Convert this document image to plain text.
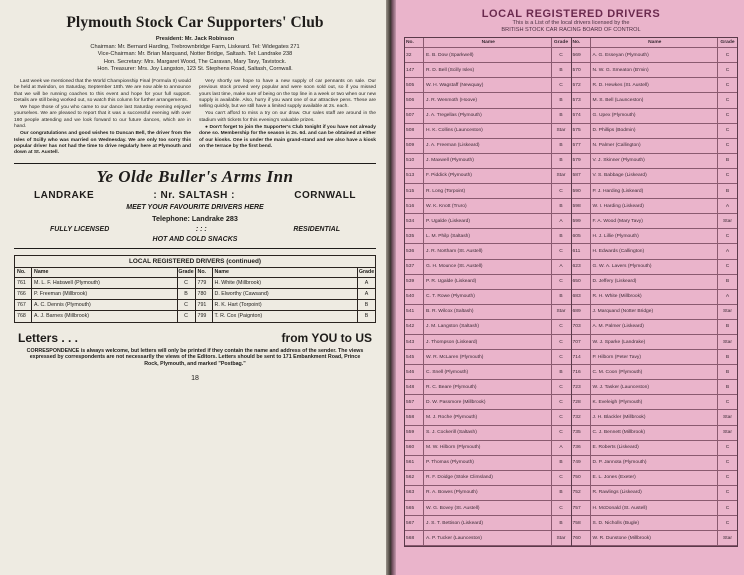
Plymouth Stock Car Supporters' Club
President: Mr. Jack Robinson
Chairman: Mr. Bernard Harding, Trebrownbridge Farm, Liskeard. Tel: Widegates 271
Vice-Chairman: Mr. Brian Marquand, Notter Bridge, Saltash. Tel: Landrake 238
Hon. Secretary: Mrs. Margaret Wood, The Caravan, Mary Tavy, Tavistock.
Hon. Treasurer: Mrs. Joy Langston, 123 St. Stephens Road, Saltash, Cornwall.

Last week we mentioned that the World Championship Final (Formula II) would be held at Swindon, on Saturday, September 18th. We are now able to announce that we will be running coaches to this event and hope for your full support. Details are still being worked out, so watch this column for further arrangements.

We hope those of you who came to our dance last Saturday evening enjoyed yourselves. We are pleased to report that it was a successful evening with over 160 people attending and we look forward to our future dances, which are in hand.

Our congratulations and good wishes to Duncan Bell, the driver from the Isles of Scilly who was married on Wednesday. We are only too sorry this popular driver has not had the time to drive regularly here at Plymouth and down at St. Austell.

Very shortly we hope to have a new supply of car pennants on sale. Our previous stock proved very popular and were soon sold out, so if you missed yours last time, make sure of being on the top line in a week or two when our new supply is available. Also, hurry if you want one of our attractive pens. These are selling quickly, but we still have a limited supply available at 2s. each.

You can't afford to miss a try on our draw. Our sales staff are around in the stadium with tickets for this evening's valuable prizes.

● Don't forget to join the Supporter's Club tonight if you have not already done so. Membership for the season is 2s. 6d. and can be obtained at either of our kiosks. One is under the main grand-stand and we also have a kiosk on the terrace by the first bend.

Ye Olde Buller's Arms Inn
LANDRAKE	: Nr. SALTASH :	CORNWALL
MEET YOUR FAVOURITE DRIVERS HERE
Telephone: Landrake 283
FULLY LICENSED	: : :	RESIDENTIAL
HOT AND COLD SNACKS
LOCAL REGISTERED DRIVERS (continued)
No.	Name	Grade
761	M. L. F. Hatswell (Plymouth)	C
766	P. Freeman (Millbrook)	B
767	A. C. Dennis (Plymouth)	C
768	A. J. Barnes (Millbrook)	C
No.	Name	Grade
779	H. White (Millbrook)	A
780	D. Elworthy (Cawsand)	A
791	R. K. Hart (Torpoint)	B
799	T. R. Cox (Paignton)	B
Letters . . .	from YOU to US
CORRESPONDENCE is always welcome, but letters will only be printed if they contain the name and address of the sender. The views expressed by correspondents are not necessarily the views of the Editors. Letters should be sent to 171 Embankment Road, Prince Rock, Plymouth, and marked "Postbag."
18
LOCAL REGISTERED DRIVERS
This is a List of the local drivers licensed by the
BRITISH STOCK CAR RACING BOARD OF CONTROL
No.	Name	Grade
32	E. B. Dow (Sparkwell)	C
147	R. D. Bell (Scilly Isles)	B
505	W. H. Wagstaff (Newquay)	C
506	J. R. Wenmoth (Hoove)	B
507	J. A. Tregellas (Plymouth)	B
508	H. K. Collins (Launceston)	Star
509	J. A. Freeman (Liskeard)	B
510	J. Maxwell (Plymouth)	B
513	F. Piddick (Plymouth)	Star
515	R. Long (Torpoint)	C
516	W. K. Knott (Truro)	B
534	P. Ugalde (Liskeard)	A
535	L. M. Philp (Saltash)	B
536	J. R. Northam (St. Austell)	C
537	G. H. Mounce (St. Austell)	A
539	P. R. Ugalde (Liskeard)	C
540	C. T. Rowe (Plymouth)	B
541	B. R. Wilcox (Saltash)	Star
542	J. M. Langston (Saltash)	C
543	J. Thompson (Liskeard)	C
545	W. R. McLaren (Plymouth)	C
546	C. Snell (Plymouth)	B
548	R. C. Beare (Plymouth)	C
557	D. W. Passmore (Millbrook)	C
558	M. J. Roche (Plymouth)	C
559	S. J. Cockerill (Saltash)	C
560	M. W. Hilborn (Plymouth)	A
561	P. Thomas (Plymouth)	B
562	R. F. Doidge (Stoke Climsland)	C
563	R. A. Bowes (Plymouth)	B
565	W. G. Bovey (St. Austell)	C
567	J. S. T. Bettison (Liskeard)	B
568	A. P. Tucker (Launceston)	Star
No.	Name	Grade
569	A. G. Esseyan (Plymouth)	C
570	N. W. G. Smeaton (B'min)	C
572	R. D. Hewkes (St. Austell)	C
573	M. S. Bell (Launceston)	C
574	G. Upex (Plymouth)	C
575	D. Phillips (Bodmin)	C
577	N. Palmer (Callington)	C
579	V. J. Skinner (Plymouth)	B
587	V. S. Babbage (Liskeard)	C
590	P. J. Harding (Liskeard)	B
598	W. I. Harding (Liskeard)	A
599	F. A. Wood (Mary Tavy)	Star
605	H. J. Lillie (Plymouth)	C
611	H. Edwards (Callington)	A
623	G. W. A. Lavers (Plymouth)	C
650	D. Jeffery (Liskeard)	B
683	R. H. White (Millbrook)	A
689	J. Marquand (Notter Bridge)	Star
703	A. M. Palmer (Liskeard)	B
707	W. J. Sparke (Landrake)	Star
714	P. Hilborn (Peter Tavy)	B
716	C. M. Coon (Plymouth)	B
723	W. J. Tasker (Launceston)	B
728	K. Eveleigh (Plymouth)	C
732	J. H. Blackler (Millbrook)	Star
735	C. J. Bennett (Millbrook)	Star
736	E. Roberts (Liskeard)	C
749	D. P. Jannota (Plymouth)	C
750	E. L. Jones (Exeter)	C
752	R. Rawlings (Liskeard)	C
757	H. McDonald (St. Austell)	C
758	S. D. Nicholls (Bugle)	C
760	W. R. Dunstone (Millbrook)	Star
